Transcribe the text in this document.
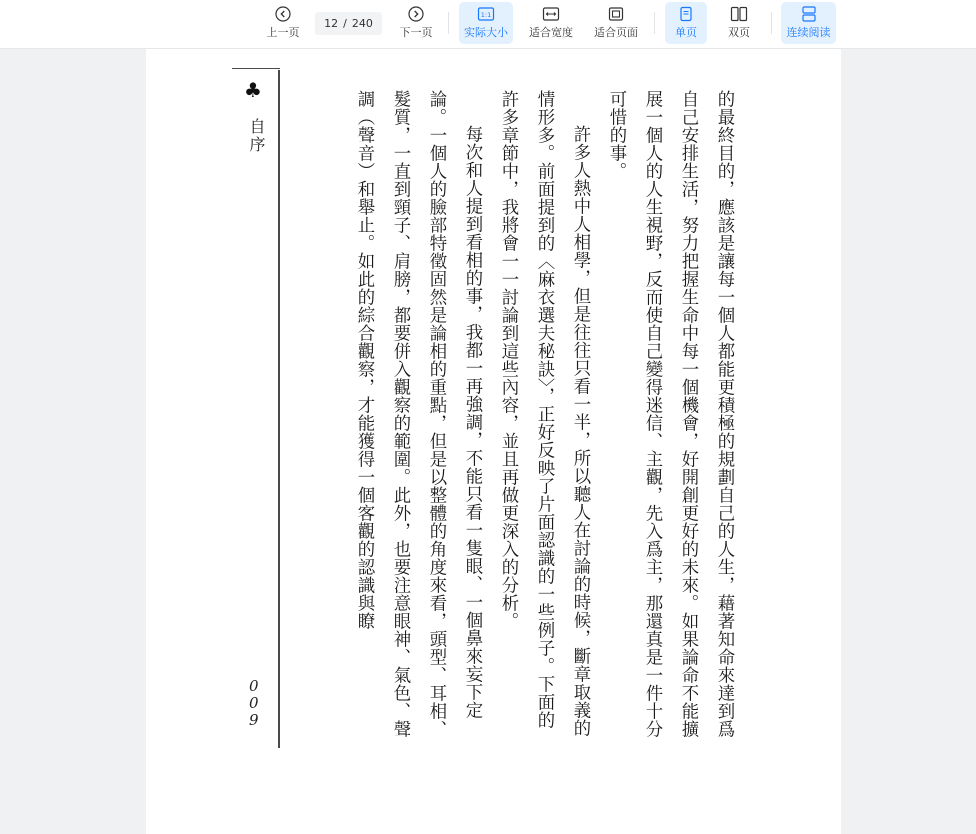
上一页
12 / 240
下一页
1:1
实际大小 适合宽度 适合页面	单页	双页	连续阅读
♣
自序
0
0
9	的最終目的，應該是讓每一個人都能更積極的規劃自己的人生，藉著知命來達到爲自己安排生活，努力把握生命中每一個機會，好開創更好的未來。如果論命不能擴展一個人的人生視野，反而使自己變得迷信、主觀，先入爲主，那還真是一件十分可惜的事。

許多人熱中人相學，但是往往只看一半，所以聽人在討論的時候，斷章取義的情形多。前面提到的〈麻衣選夫秘訣〉，正好反映了片面認識的一些例子。下面的許多章節中，我將會一一討論到這些內容，並且再做更深入的分析。

每次和人提到看相的事，我都一再強調，不能只看一隻眼、一個鼻來妄下定論。一個人的臉部特徵固然是論相的重點，但是以整體的角度來看，頭型、耳相、髮質，一直到頸子、肩膀，都要併入觀察的範圍。此外，也要注意眼神、氣色、聲調（聲音）和舉止。如此的綜合觀察，才能獲得一個客觀的認識與瞭
